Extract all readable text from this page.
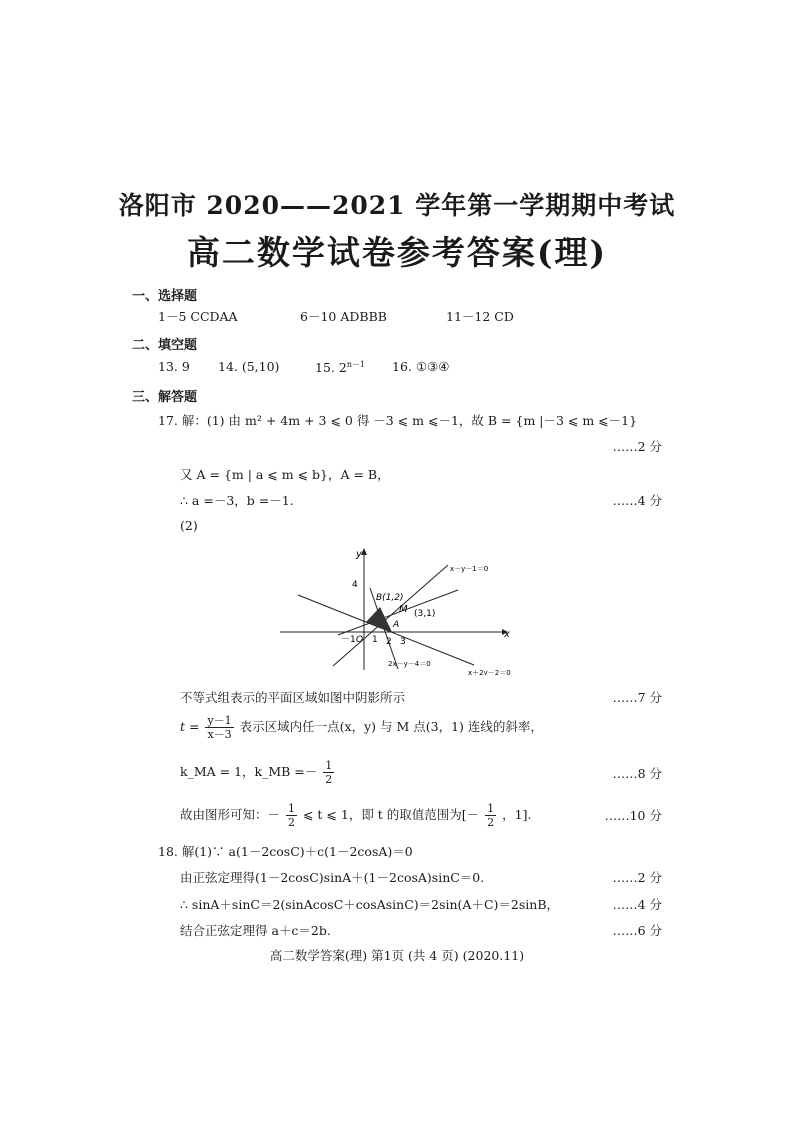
洛阳市 2020——2021 学年第一学期期中考试
高二数学试卷参考答案(理)
一、选择题
1－5 CCDAA	6－10 ADBBB	11－12 CD
二、填空题
13. 9 14. (5,10)	15. $2^{n-1}$ 16. ①③④
三、解答题
17. 解：(1) 由 m² + 4m + 3 ⩽ 0 得 －3 ⩽ m ⩽－1，故 B = {m |－3 ⩽ m ⩽－1}
……2 分
又 A = {m | a ⩽ m ⩽ b}，A = B，
∴ a =－3，b =－1.	……4 分
(2)
y
x
4
B(1,2)
M (3,1)
A
O
－1 1 2 3
x－y－1＝0
2x－y－4＝0
x＋2y－2＝0
不等式组表示的平面区域如图中阴影所示	……7 分
$t = \frac{y-1}{x-3}$ 表示区域内任一点(x，y) 与 M 点(3，1) 连线的斜率，
k_MA = 1，k_MB =－ $\frac{1}{2}$	……8 分
故由图形可知：－ $\frac{1}{2}$ ⩽ t ⩽ 1，即 t 的取值范围为[－ $\frac{1}{2}$ ，1].	……10 分
18. 解(1)∵ a(1－2cosC)＋c(1－2cosA)＝0
由正弦定理得(1－2cosC)sinA＋(1－2cosA)sinC＝0.	……2 分
∴ sinA＋sinC＝2(sinAcosC＋cosAsinC)＝2sin(A＋C)＝2sinB，	……4 分
结合正弦定理得 a＋c＝2b.	……6 分
高二数学答案(理) 第1页 (共 4 页) (2020.11)
